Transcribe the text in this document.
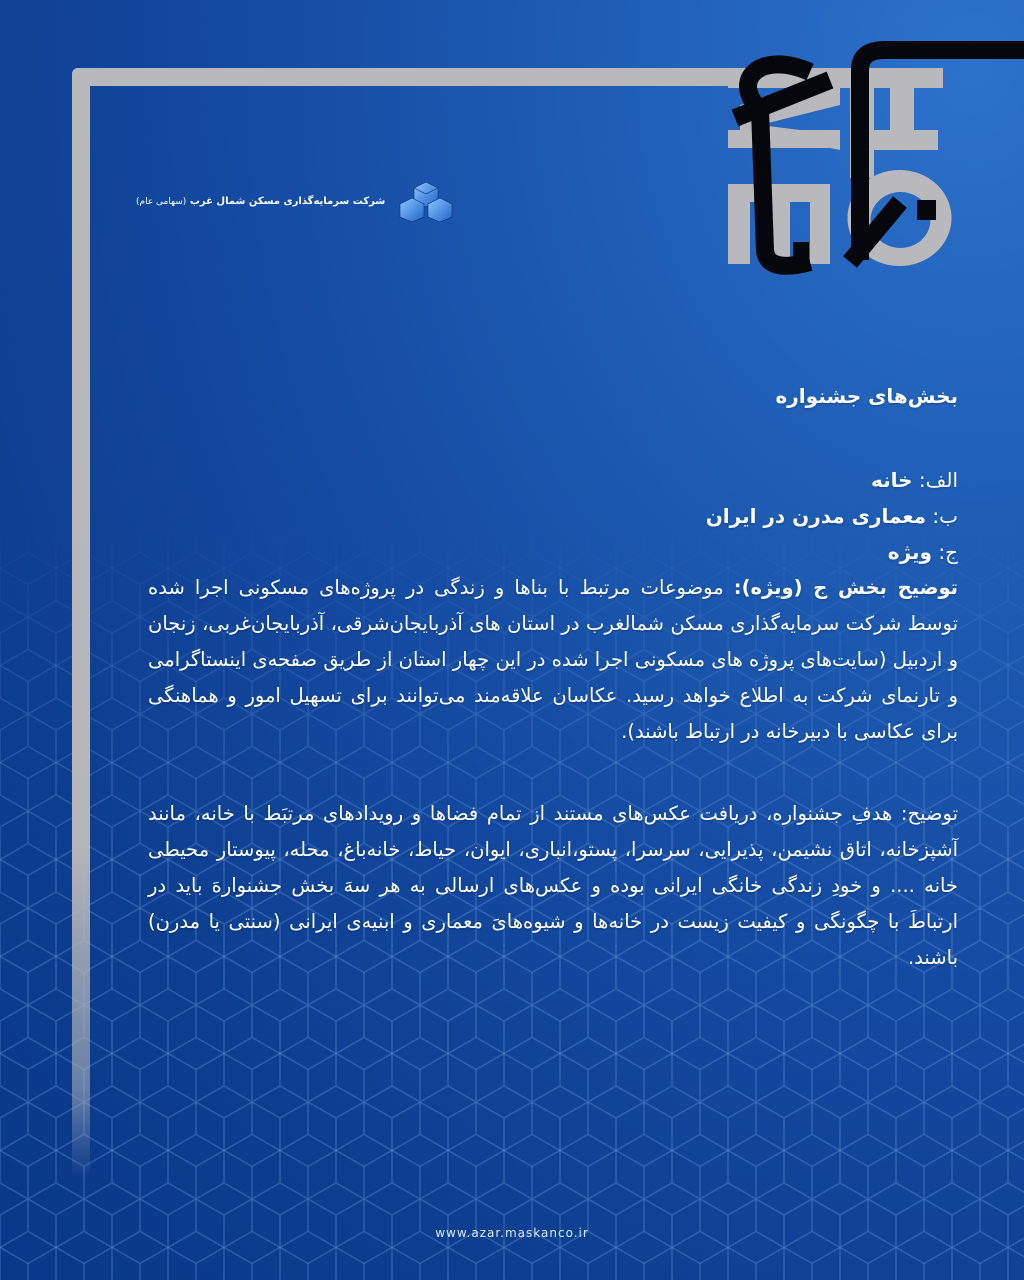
شرکت سرمایه‌گذاری مسکن شمال غرب (سهامی عام)
بخش‌های جشنواره

الف: خانه

ب: معماری مدرن در ایران

ج: ویژه

توضیح بخش ج (ویژه): موضوعات مرتبط با بناها و زندگی در پروژه‌های مسکونی اجرا شده توسط شرکت سرمایه‌گذاری مسکن شمالغرب در استان های آذربایجان‌شرقی، آذربایجان‌غربی، زنجان و اردبیل (سایت‌های پروژه های مسکونی اجرا شده در این چهار استان از طریق صفحه‌ی اینستاگرامی و تارنمای شرکت به اطلاع خواهد رسید. عکاسان علاقه‌مند می‌توانند برای تسهیل امور و هماهنگی برای عکاسی با دبیرخانه در ارتباط باشند).

توضیح: هدفِ جشنواره، دریافت عکس‌های مستند از تمام فضاها و رویدادهای مرتبَط با خانه، مانند آشپزخانه، اتاق نشیمن، پذیرایی، سرسرا، پستو،انباری، ایوان، حیاط، خانه‌باغ، محله، پیوستار محیطی خانه .... و خودِ زندگی خانگی ایرانی بوده و عکس‌های ارسالی به هر سهَ بخش جشنوارهَ باید در ارتباطَ با چگونگی و کیفیت زیست در خانه‌ها و شیوه‌هایَ معماری و ابنیه‌ی ایرانی (سنتی یا مدرن) باشند.

www.azar.maskanco.ir
